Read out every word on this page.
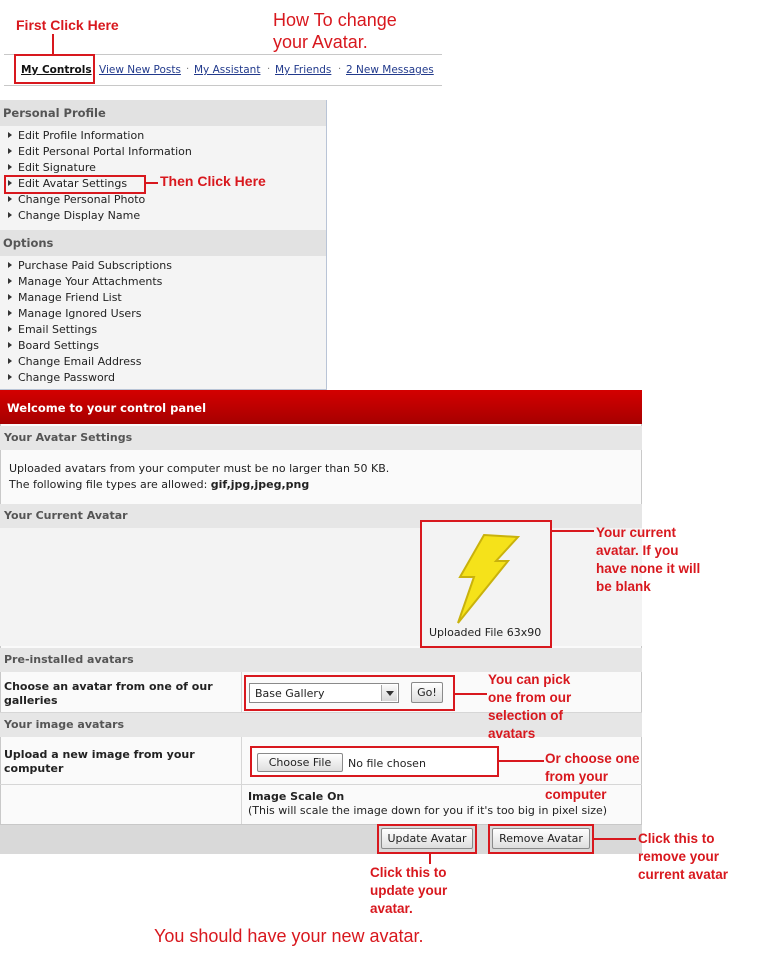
First Click Here	How To change
your Avatar.
My Controls View New Posts · My Assistant · My Friends · 2 New Messages
Personal Profile
Edit Profile Information
Edit Personal Portal Information
Edit Signature
Edit Avatar Settings
Change Personal Photo
Change Display Name
Options
Purchase Paid Subscriptions
Manage Your Attachments
Manage Friend List
Manage Ignored Users
Email Settings
Board Settings
Change Email Address
Change Password
Then Click Here
Welcome to your control panel
Your Avatar Settings
Uploaded avatars from your computer must be no larger than 50 KB.
The following file types are allowed: gif,jpg,jpeg,png
Your Current Avatar
Uploaded File 63x90
Pre-installed avatars
Choose an avatar from one of our galleries
Base Gallery	Go!
Your image avatars
Upload a new image from your computer	Choose File	No file chosen
Image Scale On
(This will scale the image down for you if it's too big in pixel size)
Update Avatar	Remove Avatar
Your current
avatar. If you
have none it will
be blank
You can pick
one from our
selection of
avatars
Or choose one
from your
computer
Click this to
remove your
current avatar
Click this to
update your
avatar.
You should have your new avatar.
